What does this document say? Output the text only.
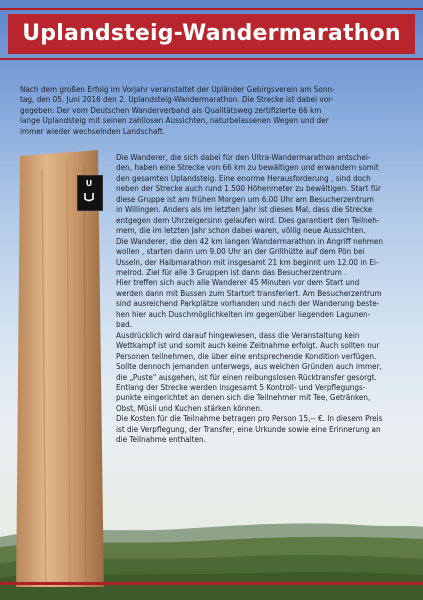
Uplandsteig-Wandermarathon
U
Nach dem großen Erfolg im Vorjahr veranstaltet der Upländer Gebirgsverein am Sonn-
tag, den 05. Juni 2016 den 2. Uplandsteig-Wandermarathon. Die Strecke ist dabei vor-
gegeben: Der vom Deutschen Wanderverband als Qualitätsweg zertifizierte 66 km
lange Uplandsteig mit seinen zahllosen Aussichten, naturbelassenen Wegen und der
immer wieder wechselnden Landschaft.
Die Wanderer, die sich dabei für den Ultra-Wandermarathon entschei-
den, haben eine Strecke von 66 km zu bewältigen und erwandern somit
den gesamten Uplandsteig. Eine enorme Herausforderung , sind doch
neben der Strecke auch rund 1.500 Höhenmeter zu bewältigen. Start für
diese Gruppe ist am frühen Morgen um 6.00 Uhr am Besucherzentrum
in Willingen. Anders als im letzten Jahr ist dieses Mal, dass die Strecke
entgegen dem Uhrzeigersinn gelaufen wird. Dies garantiert den Teilneh-
mem, die im letzten Jahr schon dabei waren, völlig neue Aussichten.
Die Wanderer, die den 42 km langen Wandermarathon in Angriff nehmen
wollen , starten dann um 9.00 Uhr an der Grillhütte auf dem Pön bei
Usseln, der Halbmarathon mit insgesamt 21 km beginnt um 12.00 in Ei-
melrod. Ziel für alle 3 Gruppen ist dann das Besucherzentrum .
Hier treffen sich auch alle Wanderer 45 Minuten vor dem Start und
werden dann mit Bussen zum Startort transferiert. Am Besucherzentrum
sind ausreichend Parkplätze vorhanden und nach der Wanderung beste-
hen hier auch Duschmöglichkeiten im gegenüber liegenden Lagunen-
bad.
Ausdrücklich wird darauf hingewiesen, dass die Veranstaltung kein
Wettkampf ist und somit auch keine Zeitnahme erfolgt. Auch sollten nur
Personen teilnehmen, die über eine entsprechende Kondition verfügen.
Sollte dennoch jemanden unterwegs, aus welchen Gründen auch immer,
die „Puste" ausgehen, ist für einen reibungslosen Rücktransfer gesorgt.
Entlang der Strecke werden insgesamt 5 Kontroll- und Verpflegungs-
punkte eingerichtet an denen sich die Teilnehmer mit Tee, Getränken,
Obst, Müsli und Kuchen stärken können.
Die Kosten für die Teilnahme betragen pro Person 15,-- €. In diesem Preis
ist die Verpflegung, der Transfer, eine Urkunde sowie eine Erinnerung an
die Teilnahme enthalten.
